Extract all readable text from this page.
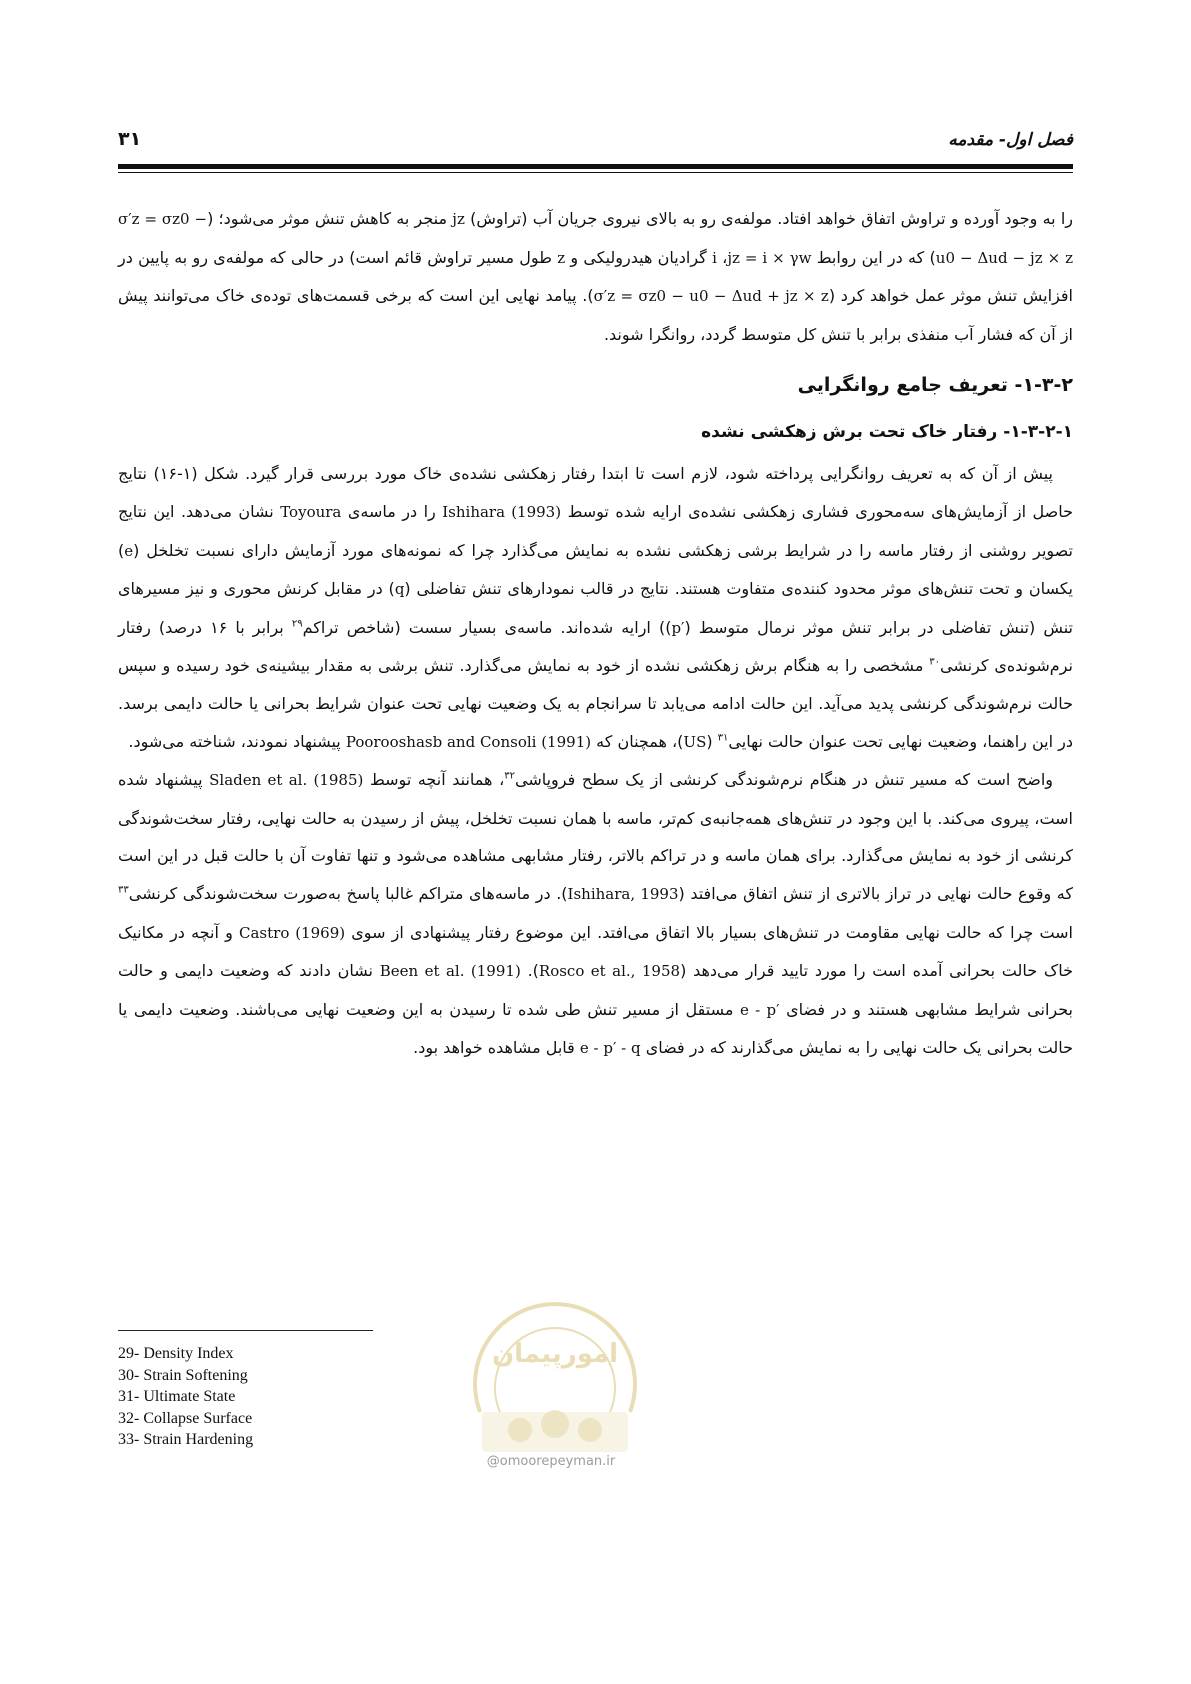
فصل اول- مقدمه
۳۱

را به وجود آورده و تراوش اتفاق خواهد افتاد. مولفه‌ی رو به بالای نیروی جریان آب (تراوش) jz منجر به کاهش تنش موثر می‌شود؛ (σ′z = σz0 − u0 − Δud − jz × z) که در این روابط jz = i × γw، i گرادیان هیدرولیکی و z طول مسیر تراوش قائم است) در حالی که مولفه‌ی رو به پایین در افزایش تنش موثر عمل خواهد کرد (σ′z = σz0 − u0 − Δud + jz × z). پیامد نهایی این است که برخی قسمت‌های توده‌ی خاک می‌توانند پیش از آن که فشار آب منفذی برابر با تنش کل متوسط گردد، روانگرا شوند.

۱-۳-۲- تعریف جامع روانگرایی
۱-۳-۲-۱- رفتار خاک تحت برش زهکشی نشده

پیش از آن که به تعریف روانگرایی پرداخته شود، لازم است تا ابتدا رفتار زهکشی نشده‌ی خاک مورد بررسی قرار گیرد. شکل (۱-۱۶) نتایج حاصل از آزمایش‌های سه‌محوری فشاری زهکشی نشده‌ی ارایه شده توسط Ishihara (1993) را در ماسه‌ی Toyoura نشان می‌دهد. این نتایج تصویر روشنی از رفتار ماسه را در شرایط برشی زهکشی نشده به نمایش می‌گذارد چرا که نمونه‌های مورد آزمایش دارای نسبت تخلخل (e) یکسان و تحت تنش‌های موثر محدود کننده‌ی متفاوت هستند. نتایج در قالب نمودارهای تنش تفاضلی (q) در مقابل کرنش محوری و نیز مسیرهای تنش (تنش تفاضلی در برابر تنش موثر نرمال متوسط (p′)) ارایه شده‌اند. ماسه‌ی بسیار سست (شاخص تراکم$^{۲۹}$ برابر با ۱۶ درصد) رفتار نرم‌شونده‌ی کرنشی$^{۳۰}$ مشخصی را به هنگام برش زهکشی نشده از خود به نمایش می‌گذارد. تنش برشی به مقدار بیشینه‌ی خود رسیده و سپس حالت نرم‌شوندگی کرنشی پدید می‌آید. این حالت ادامه می‌یابد تا سرانجام به یک وضعیت نهایی تحت عنوان شرایط بحرانی یا حالت دایمی برسد. در این راهنما، وضعیت نهایی تحت عنوان حالت نهایی$^{۳۱}$ (US)، همچنان که Poorooshasb and Consoli (1991) پیشنهاد نمودند، شناخته می‌شود.

واضح است که مسیر تنش در هنگام نرم‌شوندگی کرنشی از یک سطح فروپاشی$^{۳۲}$، همانند آنچه توسط Sladen et al. (1985) پیشنهاد شده است، پیروی می‌کند. با این وجود در تنش‌های همه‌جانبه‌ی کم‌تر، ماسه با همان نسبت تخلخل، پیش از رسیدن به حالت نهایی، رفتار سخت‌شوندگی کرنشی از خود به نمایش می‌گذارد. برای همان ماسه و در تراکم بالاتر، رفتار مشابهی مشاهده می‌شود و تنها تفاوت آن با حالت قبل در این است که وقوع حالت نهایی در تراز بالاتری از تنش اتفاق می‌افتد (Ishihara, 1993). در ماسه‌های متراکم غالبا پاسخ به‌صورت سخت‌شوندگی کرنشی$^{۳۳}$ است چرا که حالت نهایی مقاومت در تنش‌های بسیار بالا اتفاق می‌افتد. این موضوع رفتار پیشنهادی از سوی Castro (1969) و آنچه در مکانیک خاک حالت بحرانی آمده است را مورد تایید قرار می‌دهد (Rosco et al., 1958). Been et al. (1991) نشان دادند که وضعیت دایمی و حالت بحرانی شرایط مشابهی هستند و در فضای e - p′ مستقل از مسیر تنش طی شده تا رسیدن به این وضعیت نهایی می‌باشند. وضعیت دایمی یا حالت بحرانی یک حالت نهایی را به نمایش می‌گذارند که در فضای e - p′ - q قابل مشاهده خواهد بود.

امورپیمان
@omoorepeyman.ir
29- Density Index
30- Strain Softening
31- Ultimate State
32- Collapse Surface
33- Strain Hardening
